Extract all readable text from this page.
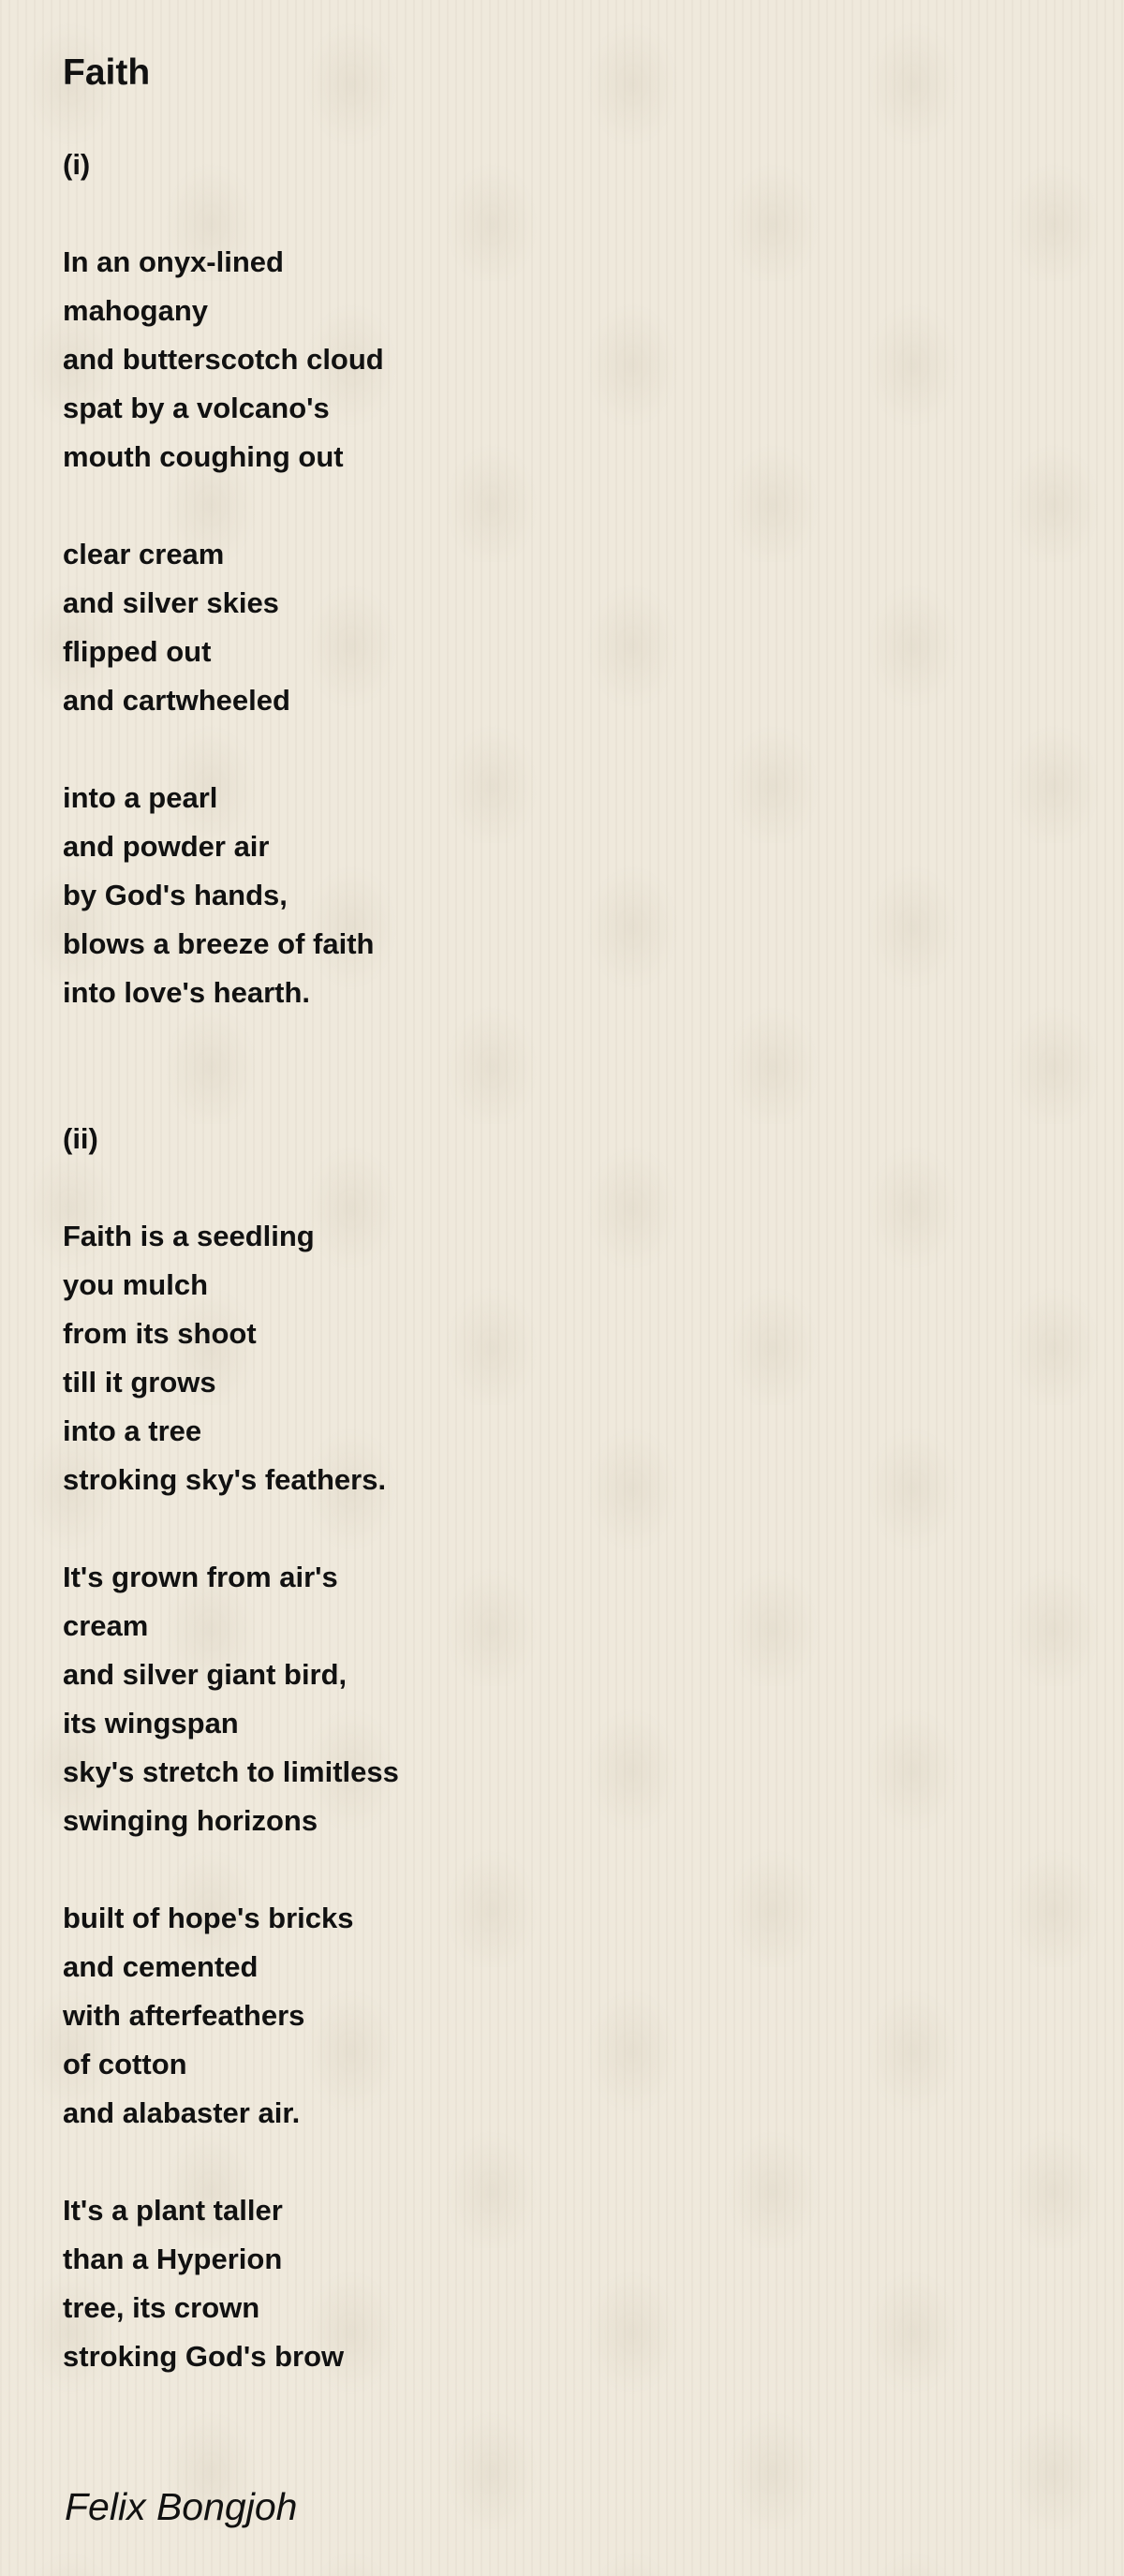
Faith
(i)
In an onyx-lined
mahogany
and butterscotch cloud
spat by a volcano's
mouth coughing out
clear cream
and silver skies
flipped out
and cartwheeled
into a pearl
and powder air
by God's hands,
blows a breeze of faith
into love's hearth.
(ii)
Faith is a seedling
you mulch
from its shoot
till it grows
into a tree
stroking sky's feathers.
It's grown from air's
cream
and silver giant bird,
its wingspan
sky's stretch to limitless
swinging horizons
built of hope's bricks
and cemented
with afterfeathers
of cotton
and alabaster air.
It's a plant taller
than a Hyperion
tree, its crown
stroking God's brow
Felix Bongjoh
